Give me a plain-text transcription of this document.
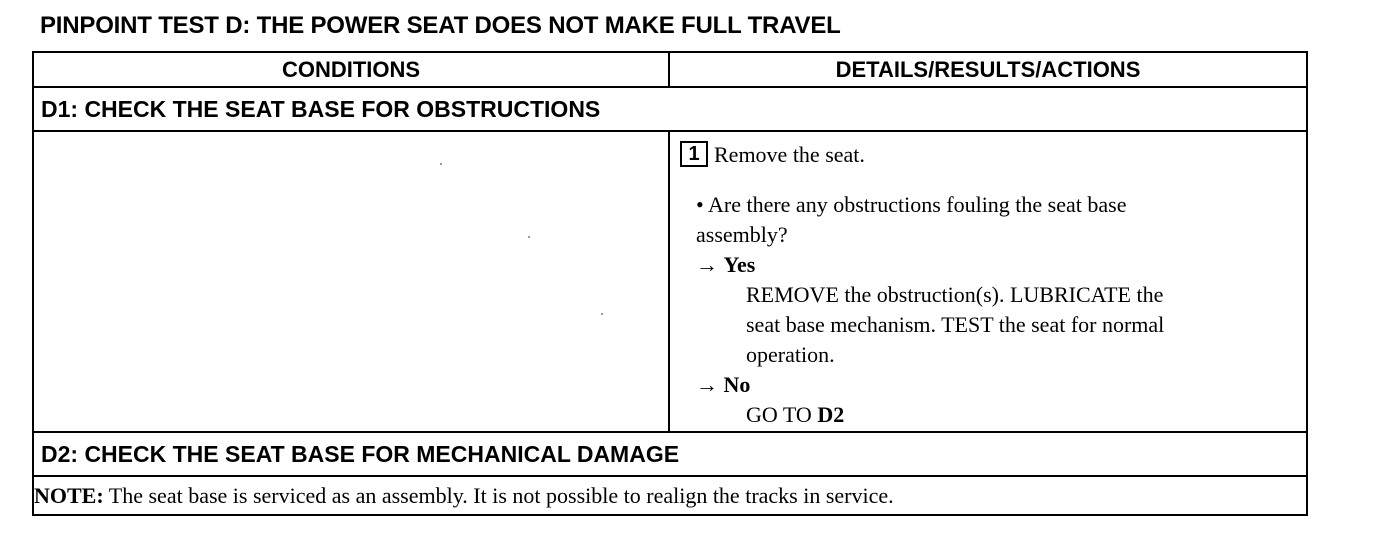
PINPOINT TEST D: THE POWER SEAT DOES NOT MAKE FULL TRAVEL
CONDITIONS	DETAILS/RESULTS/ACTIONS
D1: CHECK THE SEAT BASE FOR OBSTRUCTIONS
1 Remove the seat.
• Are there any obstructions fouling the seat base
assembly?
→ Yes
REMOVE the obstruction(s). LUBRICATE the
seat base mechanism. TEST the seat for normal
operation.
→ No
GO TO D2
D2: CHECK THE SEAT BASE FOR MECHANICAL DAMAGE
NOTE: The seat base is serviced as an assembly. It is not possible to realign the tracks in service.
